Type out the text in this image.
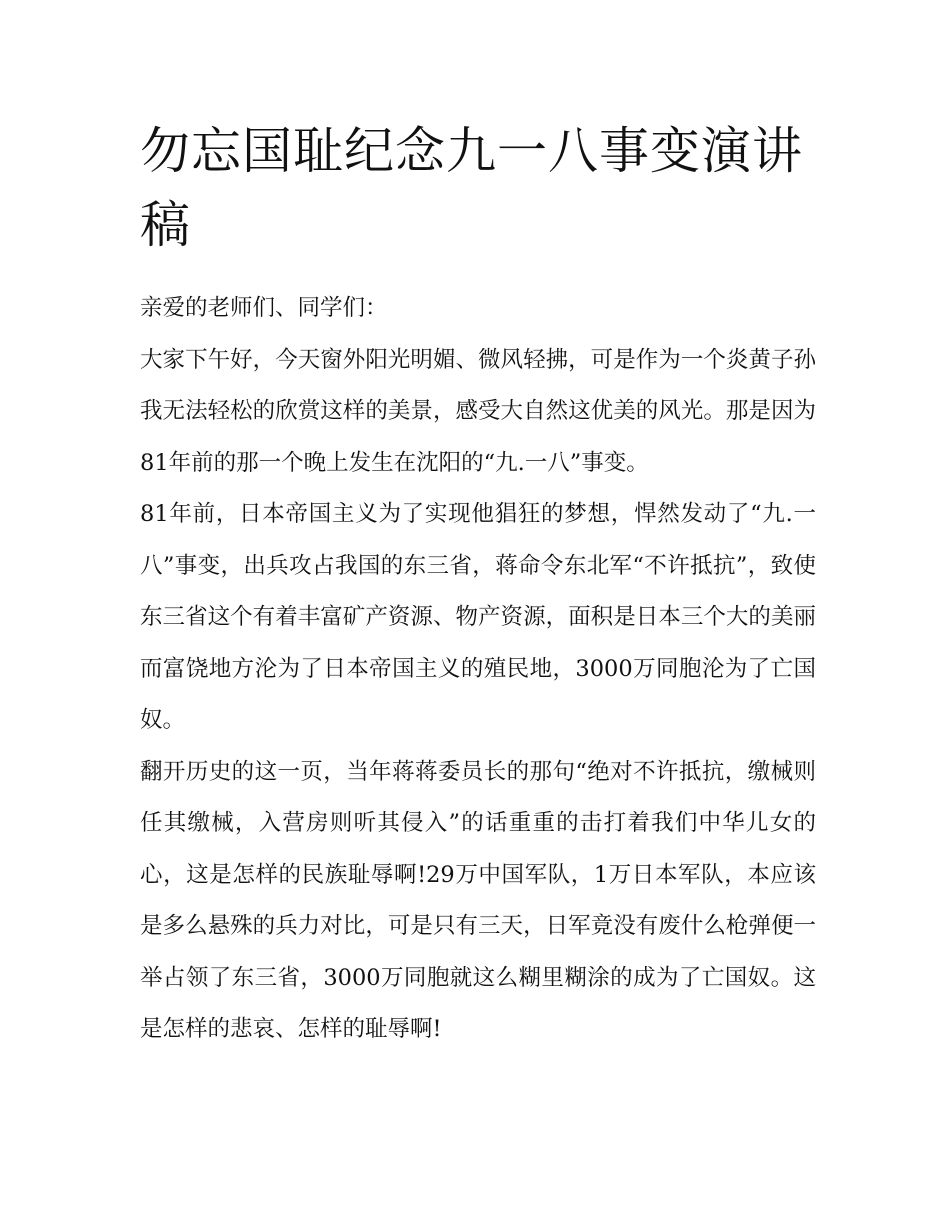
勿忘国耻纪念九一八事变演讲稿

亲爱的老师们、同学们：

大家下午好，今天窗外阳光明媚、微风轻拂，可是作为一个炎黄子孙我无法轻松的欣赏这样的美景，感受大自然这优美的风光。那是因为81年前的那一个晚上发生在沈阳的“九.一八”事变。

81年前，日本帝国主义为了实现他猖狂的梦想，悍然发动了“九.一八”事变，出兵攻占我国的东三省，蒋命令东北军“不许抵抗”，致使东三省这个有着丰富矿产资源、物产资源，面积是日本三个大的美丽而富饶地方沦为了日本帝国主义的殖民地，3000万同胞沦为了亡国奴。

翻开历史的这一页，当年蒋蒋委员长的那句“绝对不许抵抗，缴械则任其缴械，入营房则听其侵入”的话重重的击打着我们中华儿女的心，这是怎样的民族耻辱啊!29万中国军队，1万日本军队，本应该是多么悬殊的兵力对比，可是只有三天，日军竟没有废什么枪弹便一举占领了东三省，3000万同胞就这么糊里糊涂的成为了亡国奴。这是怎样的悲哀、怎样的耻辱啊!
